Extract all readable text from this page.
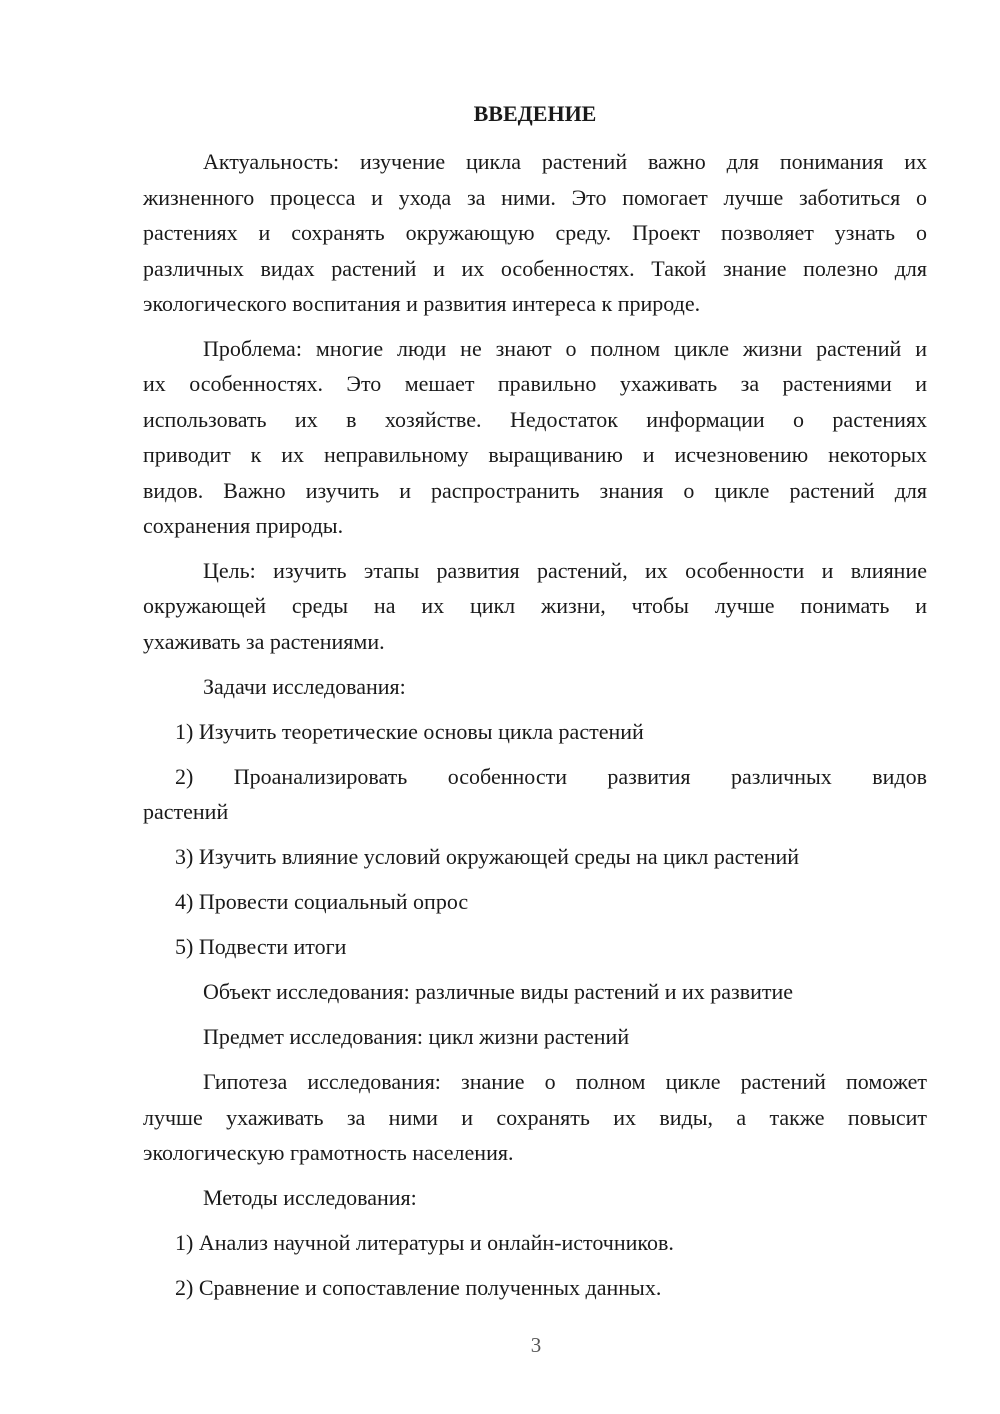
ВВЕДЕНИЕ
Актуальность: изучение цикла растений важно для понимания их
жизненного процесса и ухода за ними. Это помогает лучше заботиться о
растениях и сохранять окружающую среду. Проект позволяет узнать о
различных видах растений и их особенностях. Такой знание полезно для
экологического воспитания и развития интереса к природе.
Проблема: многие люди не знают о полном цикле жизни растений и
их особенностях. Это мешает правильно ухаживать за растениями и
использовать их в хозяйстве. Недостаток информации о растениях
приводит к их неправильному выращиванию и исчезновению некоторых
видов. Важно изучить и распространить знания о цикле растений для
сохранения природы.
Цель: изучить этапы развития растений, их особенности и влияние
окружающей среды на их цикл жизни, чтобы лучше понимать и
ухаживать за растениями.
Задачи исследования:
1) Изучить теоретические основы цикла растений
2) Проанализировать особенности развития различных видов
растений
3) Изучить влияние условий окружающей среды на цикл растений
4) Провести социальный опрос
5) Подвести итоги
Объект исследования: различные виды растений и их развитие
Предмет исследования: цикл жизни растений
Гипотеза исследования: знание о полном цикле растений поможет
лучше ухаживать за ними и сохранять их виды, а также повысит
экологическую грамотность населения.
Методы исследования:
1) Анализ научной литературы и онлайн-источников.
2) Сравнение и сопоставление полученных данных.
3
